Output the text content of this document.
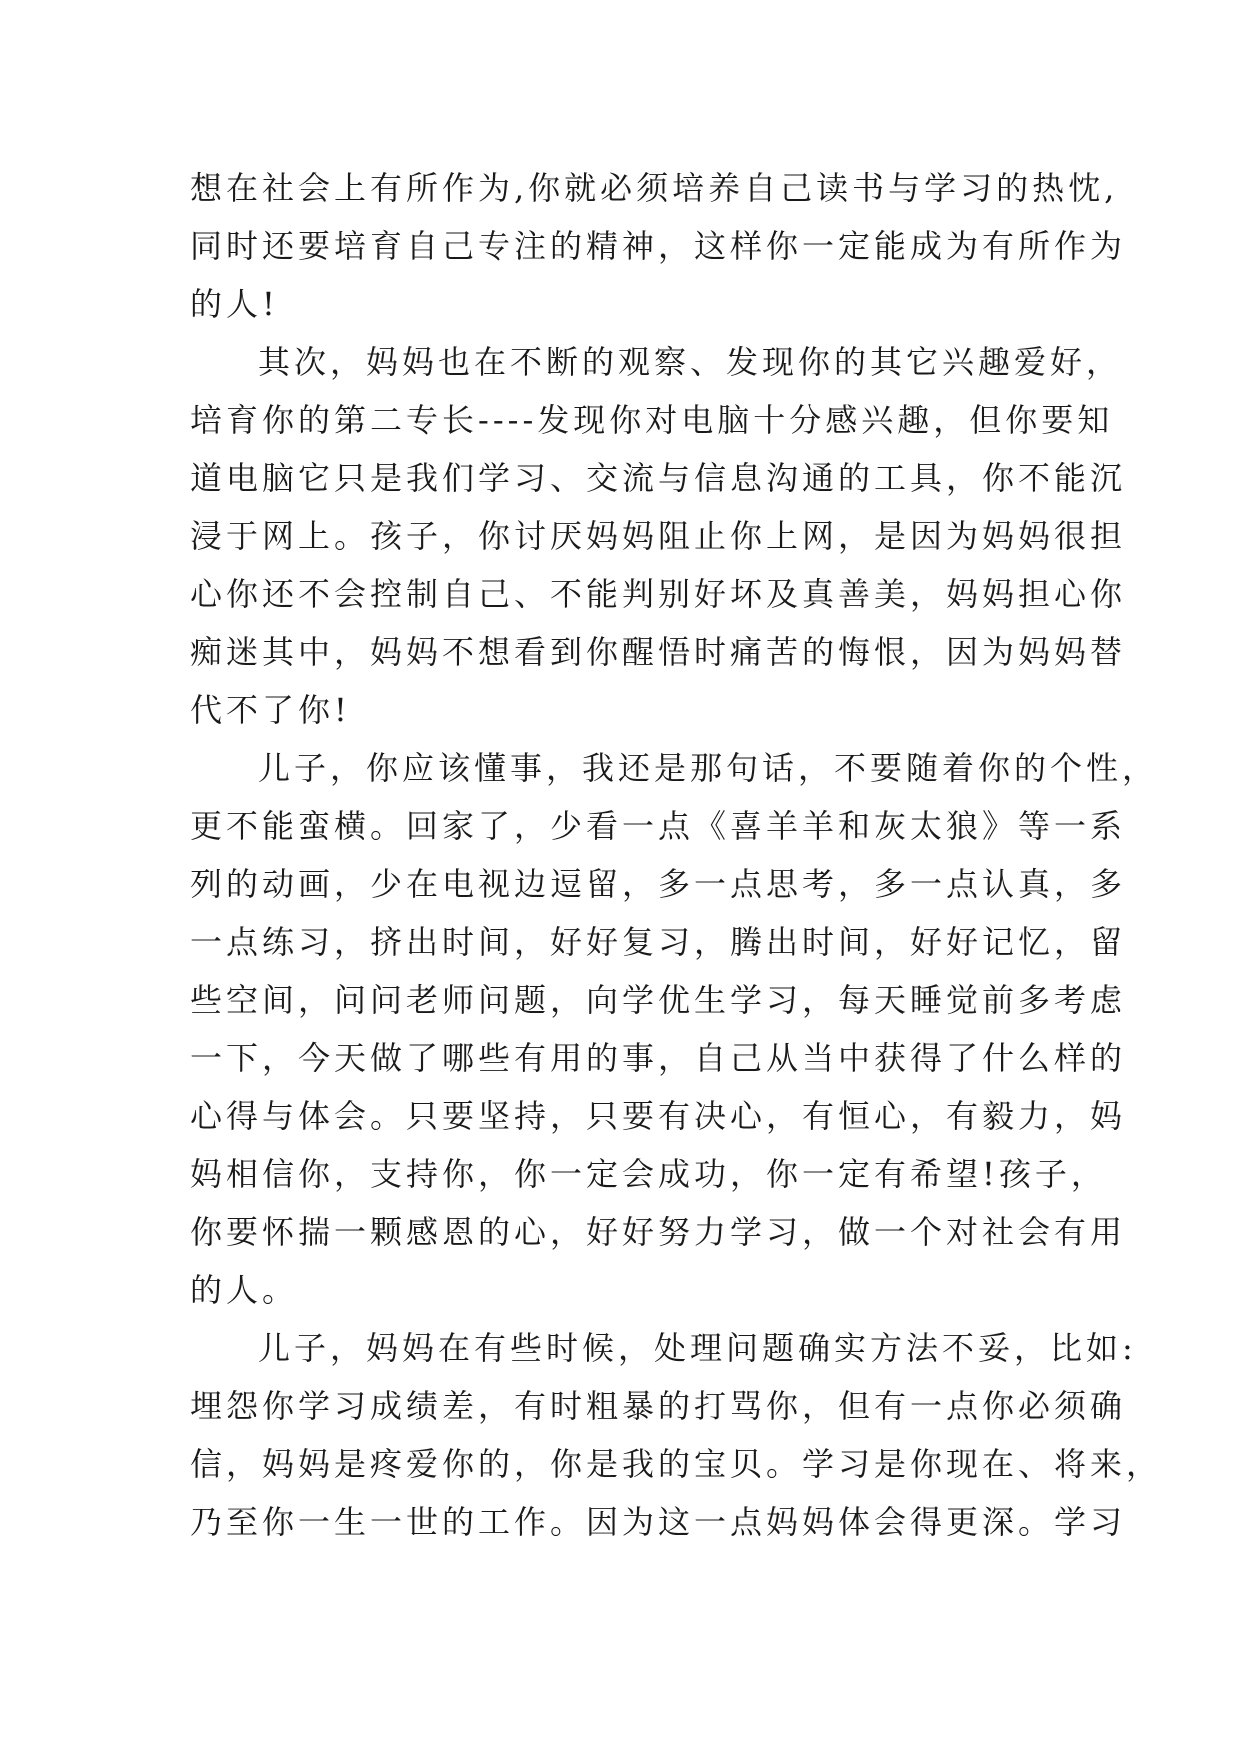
想在社会上有所作为,你就必须培养自己读书与学习的热忱,
同时还要培育自己专注的精神，这样你一定能成为有所作为
的人!
其次，妈妈也在不断的观察、发现你的其它兴趣爱好，
培育你的第二专长----发现你对电脑十分感兴趣，但你要知
道电脑它只是我们学习、交流与信息沟通的工具，你不能沉
浸于网上。孩子，你讨厌妈妈阻止你上网，是因为妈妈很担
心你还不会控制自己、不能判别好坏及真善美，妈妈担心你
痴迷其中，妈妈不想看到你醒悟时痛苦的悔恨，因为妈妈替
代不了你!
儿子，你应该懂事，我还是那句话，不要随着你的个性，
更不能蛮横。回家了，少看一点《喜羊羊和灰太狼》等一系
列的动画，少在电视边逗留，多一点思考，多一点认真，多
一点练习，挤出时间，好好复习，腾出时间，好好记忆，留
些空间，问问老师问题，向学优生学习，每天睡觉前多考虑
一下，今天做了哪些有用的事，自己从当中获得了什么样的
心得与体会。只要坚持，只要有决心，有恒心，有毅力，妈
妈相信你，支持你，你一定会成功，你一定有希望!孩子，
你要怀揣一颗感恩的心，好好努力学习，做一个对社会有用
的人。
儿子，妈妈在有些时候，处理问题确实方法不妥，比如:
埋怨你学习成绩差，有时粗暴的打骂你，但有一点你必须确
信，妈妈是疼爱你的，你是我的宝贝。学习是你现在、将来，
乃至你一生一世的工作。因为这一点妈妈体会得更深。学习
